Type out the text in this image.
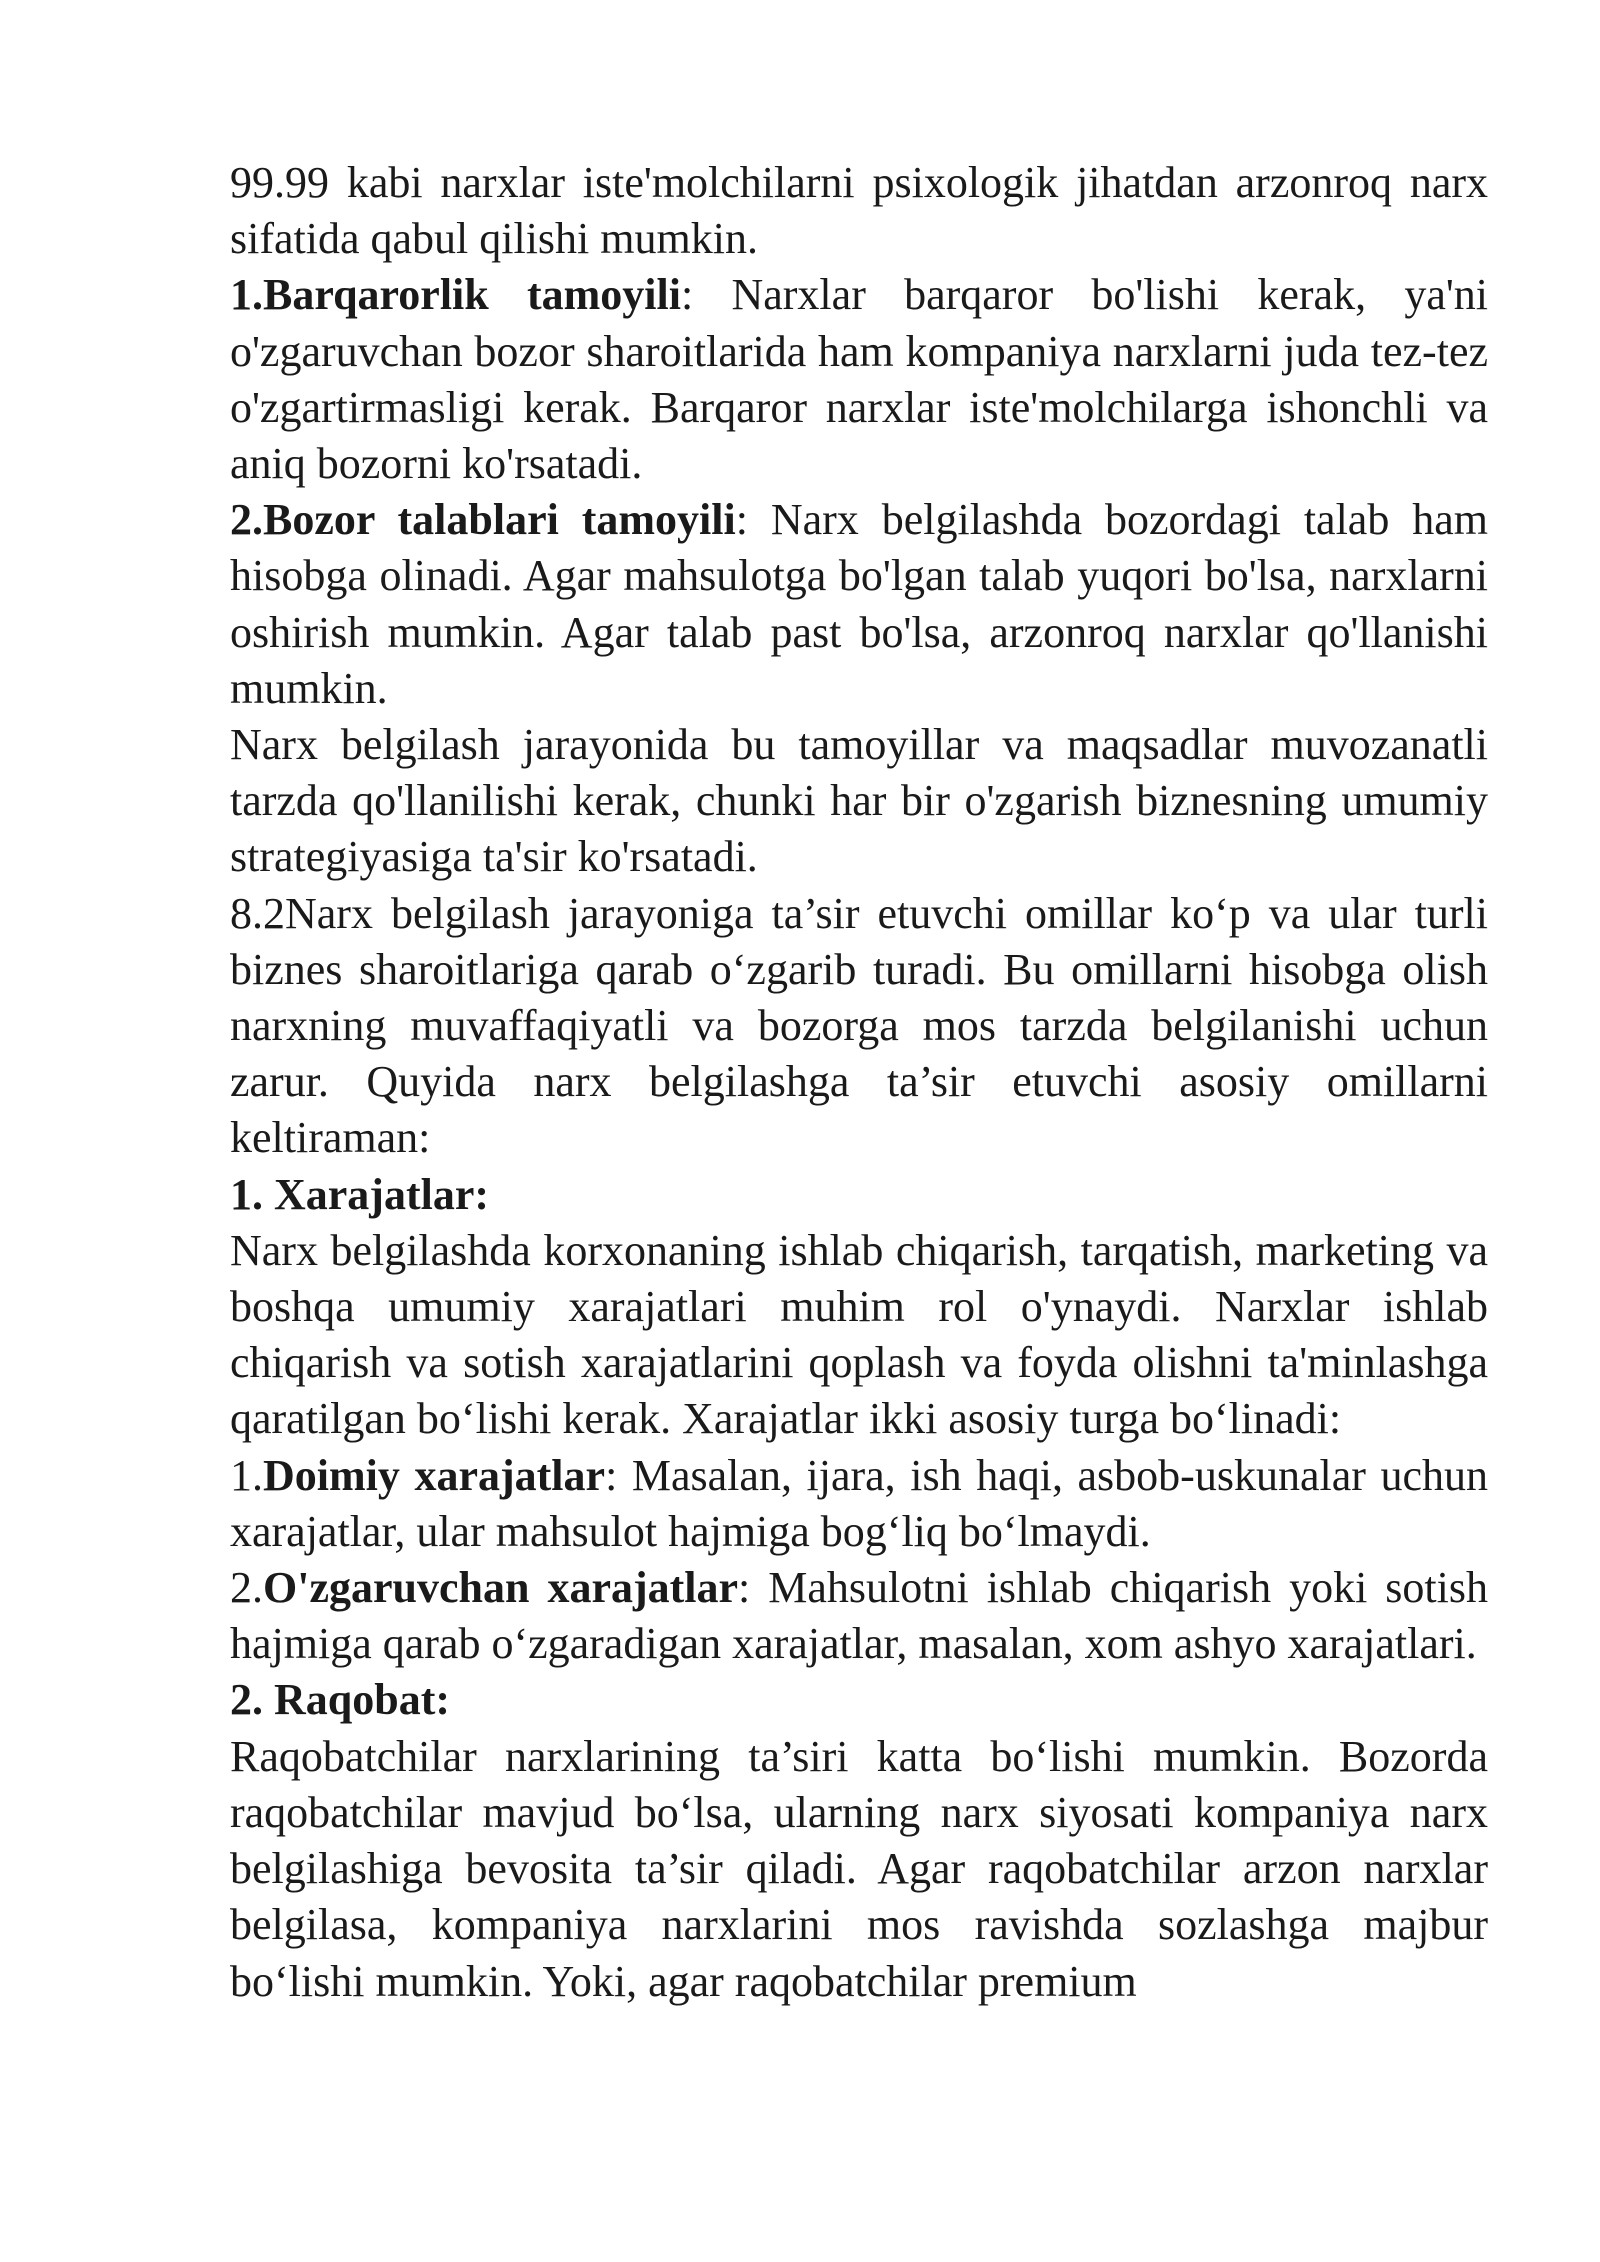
99.99 kabi narxlar iste'molchilarni psixologik jihatdan arzonroq narx sifatida qabul qilishi mumkin.

1.Barqarorlik tamoyili: Narxlar barqaror bo'lishi kerak, ya'ni o'zgaruvchan bozor sharoitlarida ham kompaniya narxlarni juda tez-tez o'zgartirmasligi kerak. Barqaror narxlar iste'molchilarga ishonchli va aniq bozorni ko'rsatadi.

2.Bozor talablari tamoyili: Narx belgilashda bozordagi talab ham hisobga olinadi. Agar mahsulotga bo'lgan talab yuqori bo'lsa, narxlarni oshirish mumkin. Agar talab past bo'lsa, arzonroq narxlar qo'llanishi mumkin.

Narx belgilash jarayonida bu tamoyillar va maqsadlar muvozanatli tarzda qo'llanilishi kerak, chunki har bir o'zgarish biznesning umumiy strategiyasiga ta'sir ko'rsatadi.

8.2Narx belgilash jarayoniga ta’sir etuvchi omillar ko‘p va ular turli biznes sharoitlariga qarab o‘zgarib turadi. Bu omillarni hisobga olish narxning muvaffaqiyatli va bozorga mos tarzda belgilanishi uchun zarur. Quyida narx belgilashga ta’sir etuvchi asosiy omillarni keltiraman:

1. Xarajatlar:

Narx belgilashda korxonaning ishlab chiqarish, tarqatish, marketing va boshqa umumiy xarajatlari muhim rol o'ynaydi. Narxlar ishlab chiqarish va sotish xarajatlarini qoplash va foyda olishni ta'minlashga qaratilgan bo‘lishi kerak. Xarajatlar ikki asosiy turga bo‘linadi:

1.Doimiy xarajatlar: Masalan, ijara, ish haqi, asbob-uskunalar uchun xarajatlar, ular mahsulot hajmiga bog‘liq bo‘lmaydi.

2.O'zgaruvchan xarajatlar: Mahsulotni ishlab chiqarish yoki sotish hajmiga qarab o‘zgaradigan xarajatlar, masalan, xom ashyo xarajatlari.

2. Raqobat:

Raqobatchilar narxlarining ta’siri katta bo‘lishi mumkin. Bozorda raqobatchilar mavjud bo‘lsa, ularning narx siyosati kompaniya narx belgilashiga bevosita ta’sir qiladi. Agar raqobatchilar arzon narxlar belgilasa, kompaniya narxlarini mos ravishda sozlashga majbur bo‘lishi mumkin. Yoki, agar raqobatchilar premium
